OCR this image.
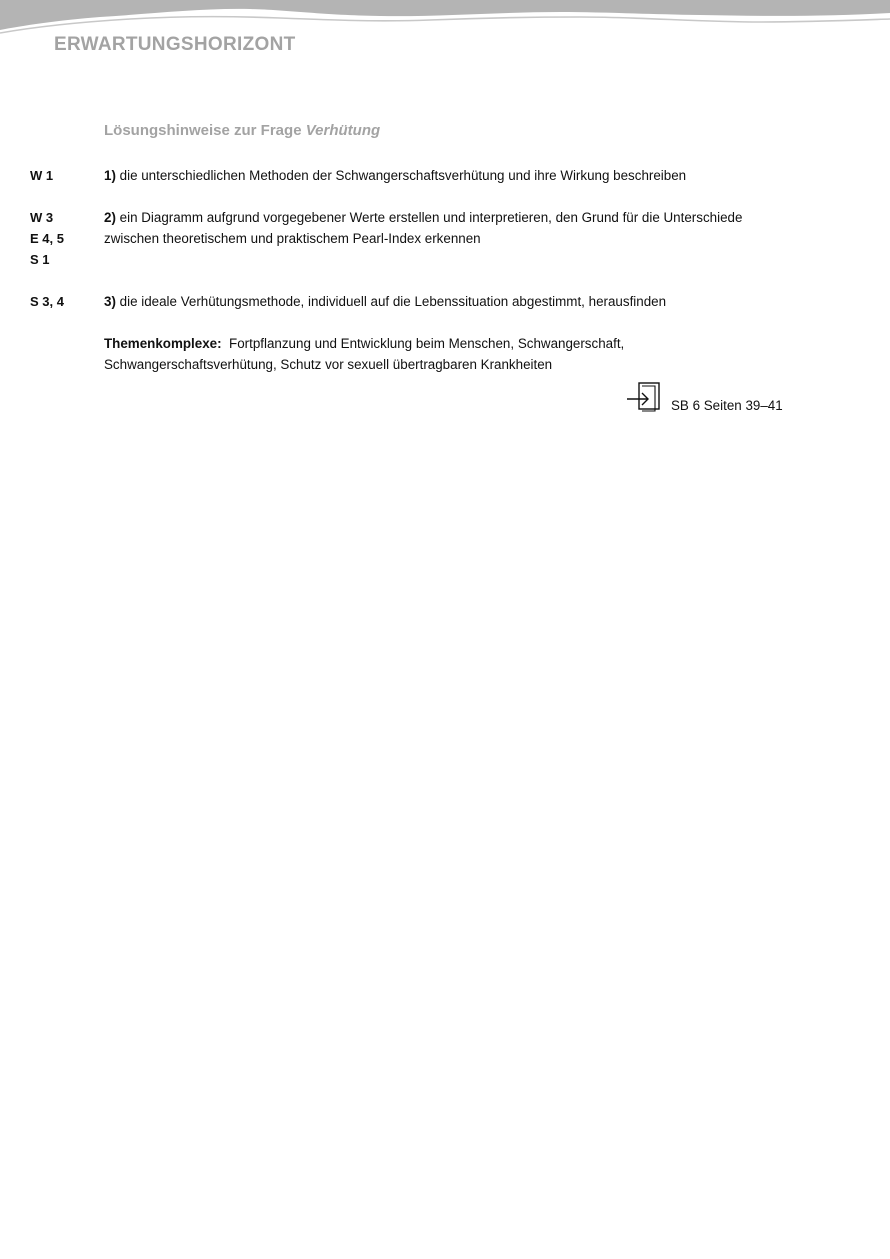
ERWARTUNGSHORIZONT
Lösungshinweise zur Frage Verhütung
W 1	1) die unterschiedlichen Methoden der Schwangerschaftsverhütung und ihre Wirkung beschreiben
W 3
E 4, 5
S 1
2) ein Diagramm aufgrund vorgegebener Werte erstellen und interpretieren, den Grund für die Unterschiede zwischen theoretischem und praktischem Pearl-Index erkennen
S 3, 4	3) die ideale Verhütungsmethode, individuell auf die Lebenssituation abgestimmt, herausfinden
Themenkomplexe:  Fortpflanzung und Entwicklung beim Menschen, Schwangerschaft, Schwangerschaftsverhütung, Schutz vor sexuell übertragbaren Krankheiten
SB 6 Seiten 39–41
